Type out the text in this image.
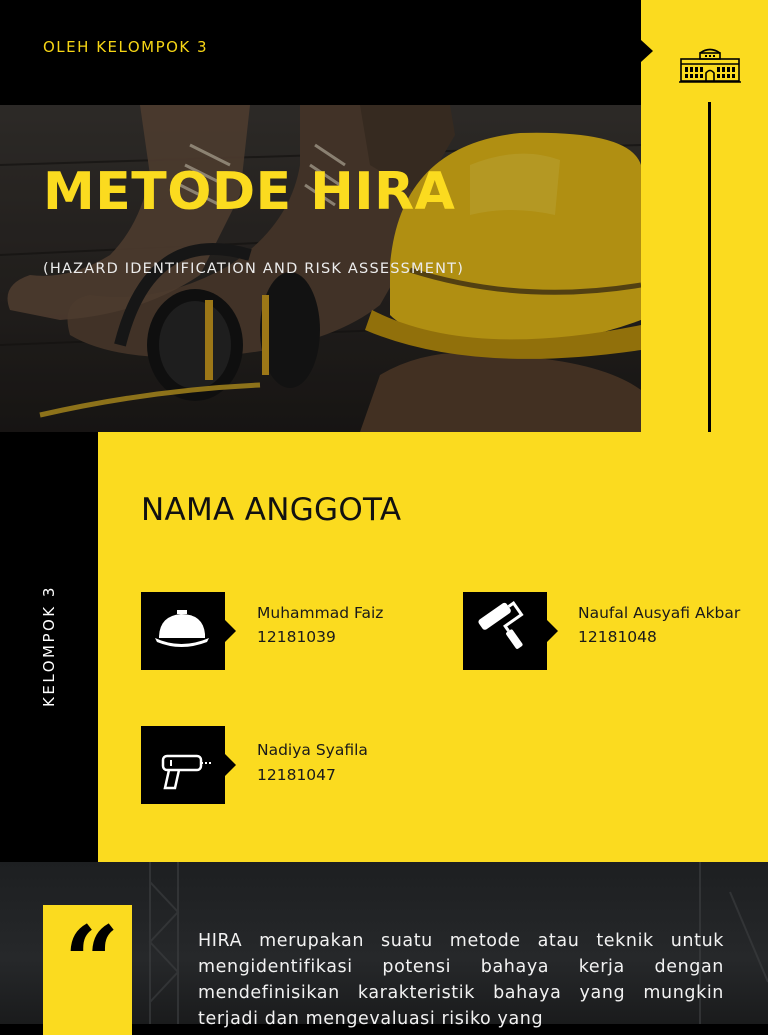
OLEH KELOMPOK 3
METODE HIRA
(HAZARD IDENTIFICATION AND RISK ASSESSMENT)
KELOMPOK 3
NAMA ANGGOTA
Muhammad Faiz
12181039
Naufal Ausyafi Akbar
12181048
Nadiya Syafila
12181047
“	HIRA merupakan suatu metode atau teknik untuk mengidentifikasi potensi bahaya kerja dengan mendefinisikan karakteristik bahaya yang mungkin terjadi dan mengevaluasi risiko yang
